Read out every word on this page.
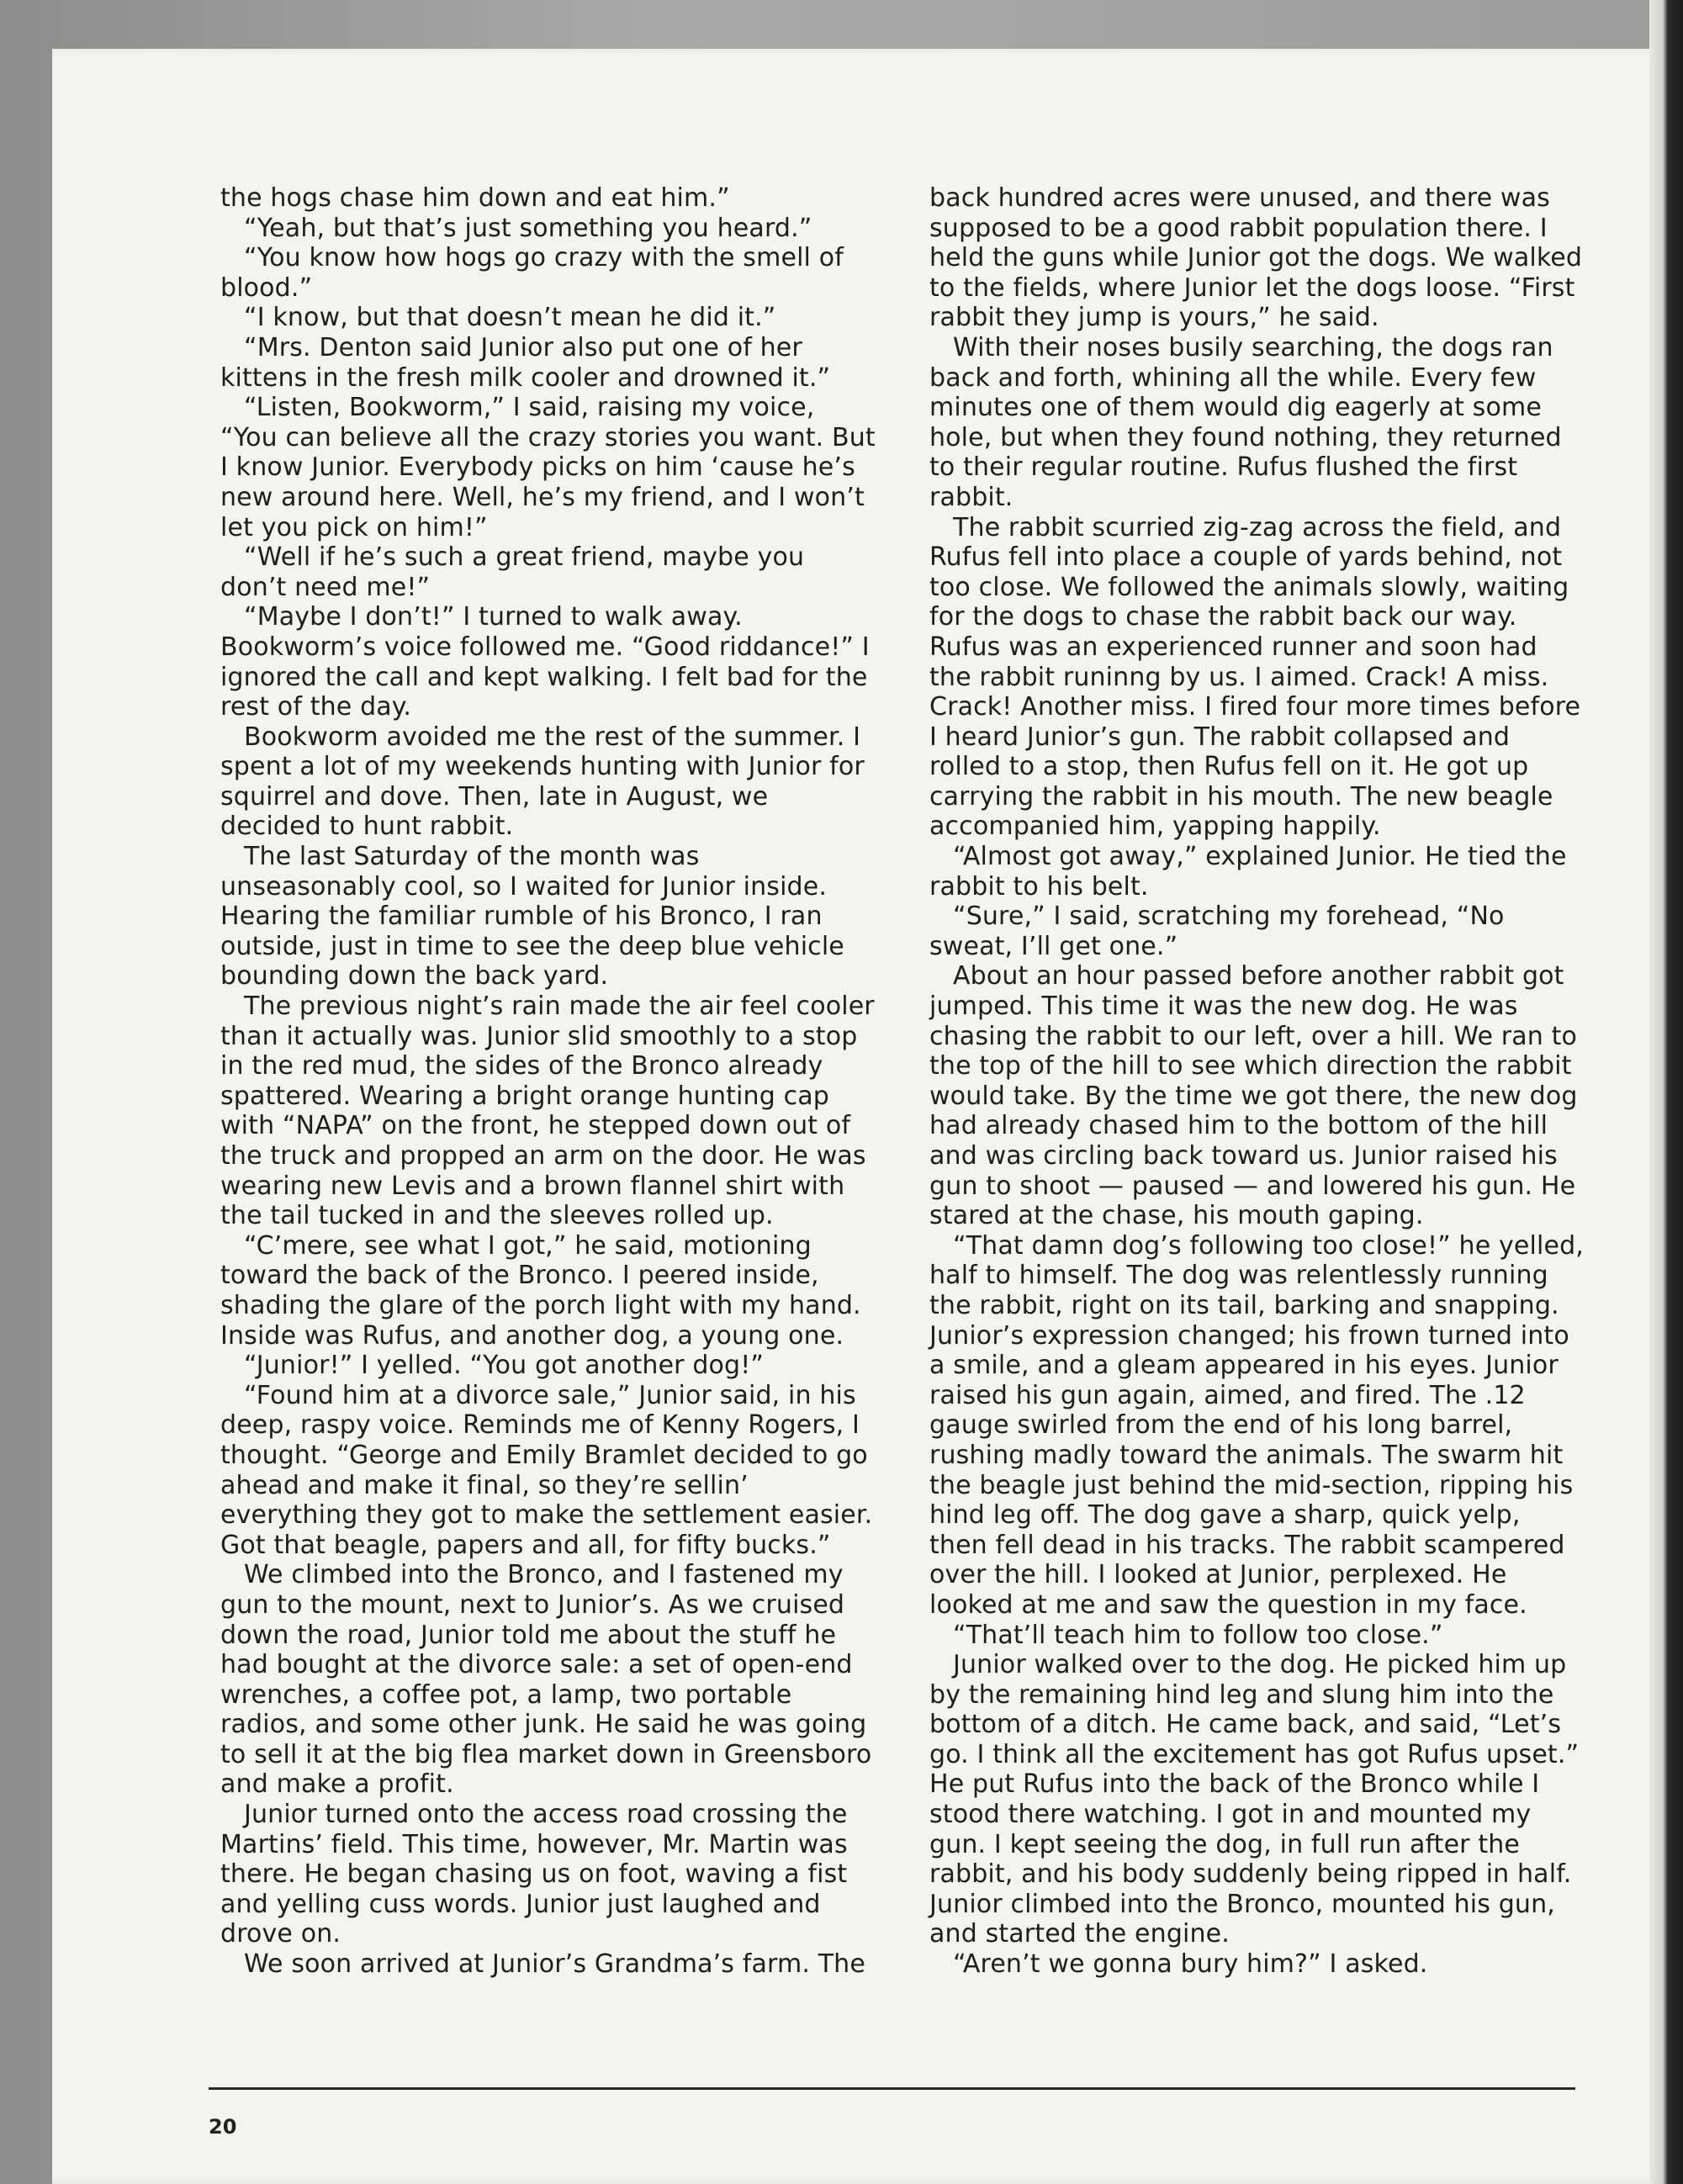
the hogs chase him down and eat him.”

“Yeah, but that’s just something you heard.”

“You know how hogs go crazy with the smell of blood.”

“I know, but that doesn’t mean he did it.”

“Mrs. Denton said Junior also put one of her kittens in the fresh milk cooler and drowned it.”

“Listen, Bookworm,” I said, raising my voice, “You can believe all the crazy stories you want. But I know Junior. Everybody picks on him ‘cause he’s new around here. Well, he’s my friend, and I won’t let you pick on him!”

“Well if he’s such a great friend, maybe you don’t need me!”

“Maybe I don’t!” I turned to walk away. Bookworm’s voice followed me. “Good riddance!” I ignored the call and kept walking. I felt bad for the rest of the day.

Bookworm avoided me the rest of the summer. I spent a lot of my weekends hunting with Junior for squirrel and dove. Then, late in August, we decided to hunt rabbit.

The last Saturday of the month was unseasonably cool, so I waited for Junior inside. Hearing the familiar rumble of his Bronco, I ran outside, just in time to see the deep blue vehicle bounding down the back yard.

The previous night’s rain made the air feel cooler than it actually was. Junior slid smoothly to a stop in the red mud, the sides of the Bronco already spattered. Wearing a bright orange hunting cap with “NAPA” on the front, he stepped down out of the truck and propped an arm on the door. He was wearing new Levis and a brown flannel shirt with the tail tucked in and the sleeves rolled up.

“C’mere, see what I got,” he said, motioning toward the back of the Bronco. I peered inside, shading the glare of the porch light with my hand. Inside was Rufus, and another dog, a young one.

“Junior!” I yelled. “You got another dog!”

“Found him at a divorce sale,” Junior said, in his deep, raspy voice. Reminds me of Kenny Rogers, I thought. “George and Emily Bramlet decided to go ahead and make it final, so they’re sellin’ everything they got to make the settlement easier. Got that beagle, papers and all, for fifty bucks.”

We climbed into the Bronco, and I fastened my gun to the mount, next to Junior’s. As we cruised down the road, Junior told me about the stuff he had bought at the divorce sale: a set of open-end wrenches, a coffee pot, a lamp, two portable radios, and some other junk. He said he was going to sell it at the big flea market down in Greensboro and make a profit.

Junior turned onto the access road crossing the Martins’ field. This time, however, Mr. Martin was there. He began chasing us on foot, waving a fist and yelling cuss words. Junior just laughed and drove on.

We soon arrived at Junior’s Grandma’s farm. The

back hundred acres were unused, and there was supposed to be a good rabbit population there. I held the guns while Junior got the dogs. We walked to the fields, where Junior let the dogs loose. “First rabbit they jump is yours,” he said.

With their noses busily searching, the dogs ran back and forth, whining all the while. Every few minutes one of them would dig eagerly at some hole, but when they found nothing, they returned to their regular routine. Rufus flushed the first rabbit.

The rabbit scurried zig-zag across the field, and Rufus fell into place a couple of yards behind, not too close. We followed the animals slowly, waiting for the dogs to chase the rabbit back our way. Rufus was an experienced runner and soon had the rabbit runinng by us. I aimed. Crack! A miss. Crack! Another miss. I fired four more times before I heard Junior’s gun. The rabbit collapsed and rolled to a stop, then Rufus fell on it. He got up carrying the rabbit in his mouth. The new beagle accompanied him, yapping happily.

“Almost got away,” explained Junior. He tied the rabbit to his belt.

“Sure,” I said, scratching my forehead, “No sweat, I’ll get one.”

About an hour passed before another rabbit got jumped. This time it was the new dog. He was chasing the rabbit to our left, over a hill. We ran to the top of the hill to see which direction the rabbit would take. By the time we got there, the new dog had already chased him to the bottom of the hill and was circling back toward us. Junior raised his gun to shoot — paused — and lowered his gun. He stared at the chase, his mouth gaping.

“That damn dog’s following too close!” he yelled, half to himself. The dog was relentlessly running the rabbit, right on its tail, barking and snapping. Junior’s expression changed; his frown turned into a smile, and a gleam appeared in his eyes. Junior raised his gun again, aimed, and fired. The .12 gauge swirled from the end of his long barrel, rushing madly toward the animals. The swarm hit the beagle just behind the mid-section, ripping his hind leg off. The dog gave a sharp, quick yelp, then fell dead in his tracks. The rabbit scampered over the hill. I looked at Junior, perplexed. He looked at me and saw the question in my face.

“That’ll teach him to follow too close.”

Junior walked over to the dog. He picked him up by the remaining hind leg and slung him into the bottom of a ditch. He came back, and said, “Let’s go. I think all the excitement has got Rufus upset.” He put Rufus into the back of the Bronco while I stood there watching. I got in and mounted my gun. I kept seeing the dog, in full run after the rabbit, and his body suddenly being ripped in half. Junior climbed into the Bronco, mounted his gun, and started the engine.

“Aren’t we gonna bury him?” I asked.

20
